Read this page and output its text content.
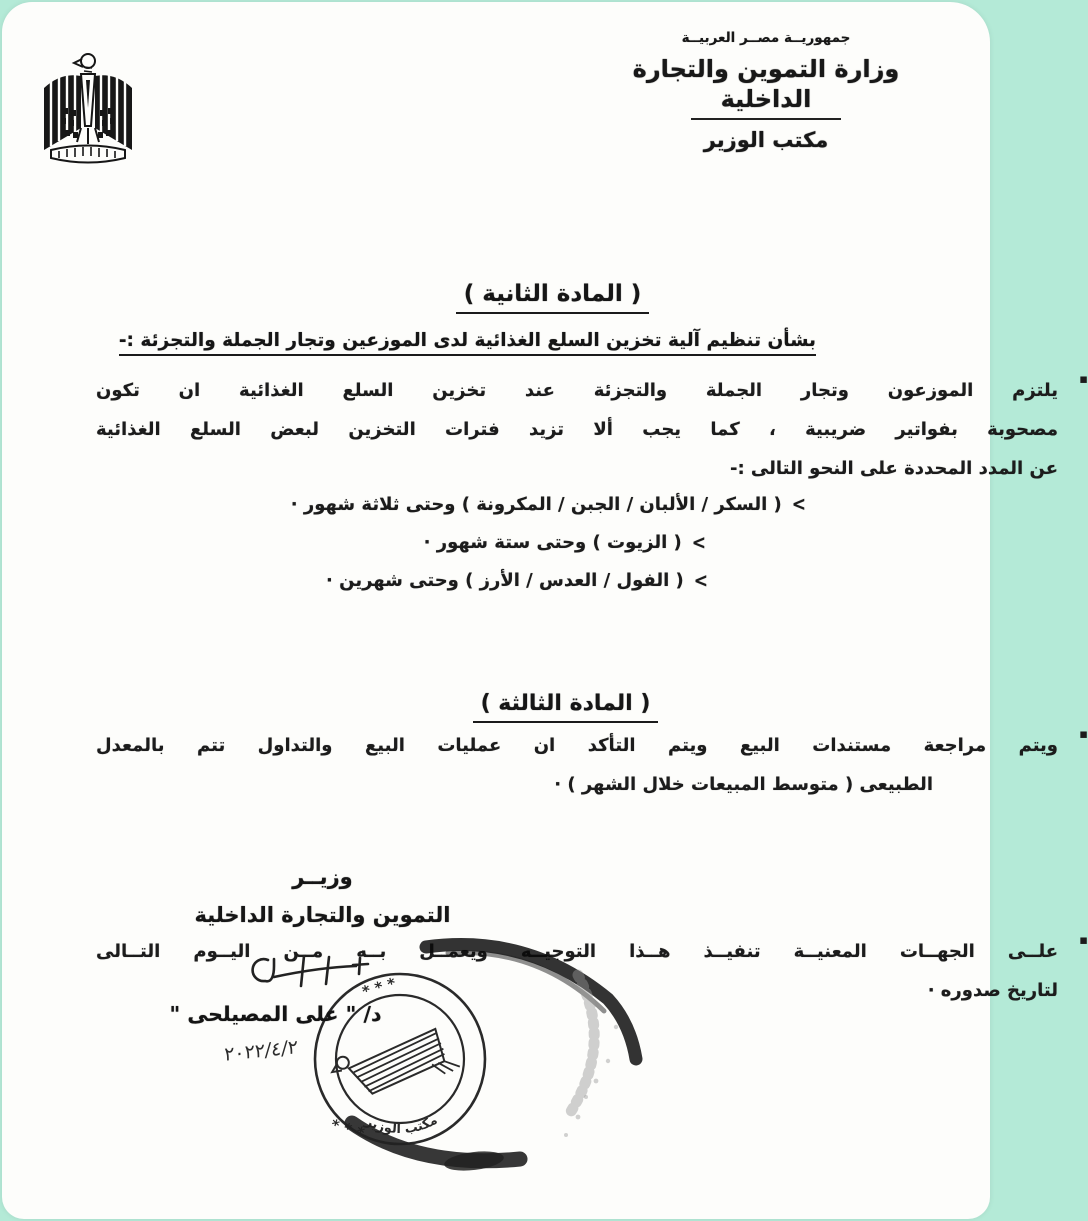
جمهوريــة مصــر العربيــة
وزارة التموين والتجارة الداخلية
مكتب الوزير
( المادة الثانية )
بشأن تنظيم آلية تخزين السلع الغذائية لدى الموزعين وتجار الجملة والتجزئة :-
▪
يلتزم الموزعون وتجار الجملة والتجزئة عند تخزين السلع الغذائية ان تكون
مصحوبة بفواتير ضريبية ، كما يجب ألا تزيد فترات التخزين لبعض السلع الغذائية
عن المدد المحددة على النحو التالى :-
<( السكر / الألبان / الجبن / المكرونة ) وحتى ثلاثة شهور ·
<( الزيوت ) وحتى ستة شهور ·
<( الفول / العدس / الأرز ) وحتى شهرين ·
▪
ويتم مراجعة مستندات البيع ويتم التأكد ان عمليات البيع والتداول تتم بالمعدل
الطبيعى ( متوسط المبيعات خلال الشهر ) ·
( المادة الثالثة )
▪
علــى الجهــات المعنيــة تنفيــذ هــذا التوجيــه ويعمــل بــه مــن اليــوم التــالى
لتاريخ صدوره ·
وزيــر
التموين والتجارة الداخلية
د/ " على المصيلحى "
٢٠٢٢/٤/٢
مكتب الوزير
* * *
* * *
